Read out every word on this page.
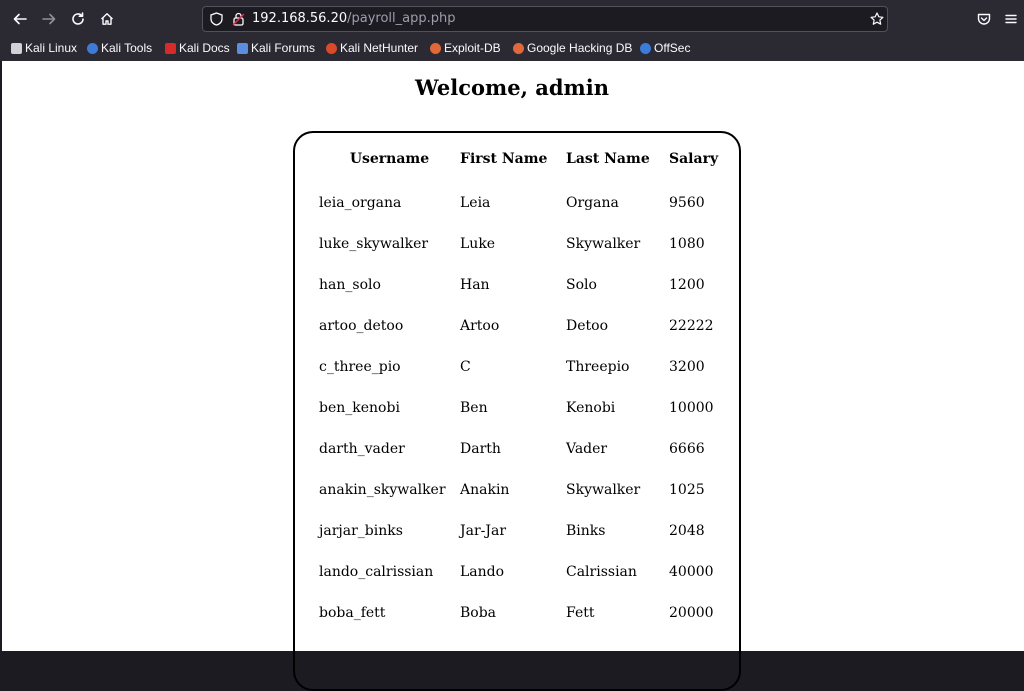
192.168.56.20/payroll_app.php
Kali Linux Kali Tools Kali Docs Kali Forums Kali NetHunter Exploit-DB Google Hacking DB OffSec
Welcome, admin
Username	First Name	Last Name	Salary
leia_organa	Leia	Organa	9560
luke_skywalker	Luke	Skywalker	1080
han_solo	Han	Solo	1200
artoo_detoo	Artoo	Detoo	22222
c_three_pio	C	Threepio	3200
ben_kenobi	Ben	Kenobi	10000
darth_vader	Darth	Vader	6666
anakin_skywalker	Anakin	Skywalker	1025
jarjar_binks	Jar-Jar	Binks	2048
lando_calrissian	Lando	Calrissian	40000
boba_fett	Boba	Fett	20000
